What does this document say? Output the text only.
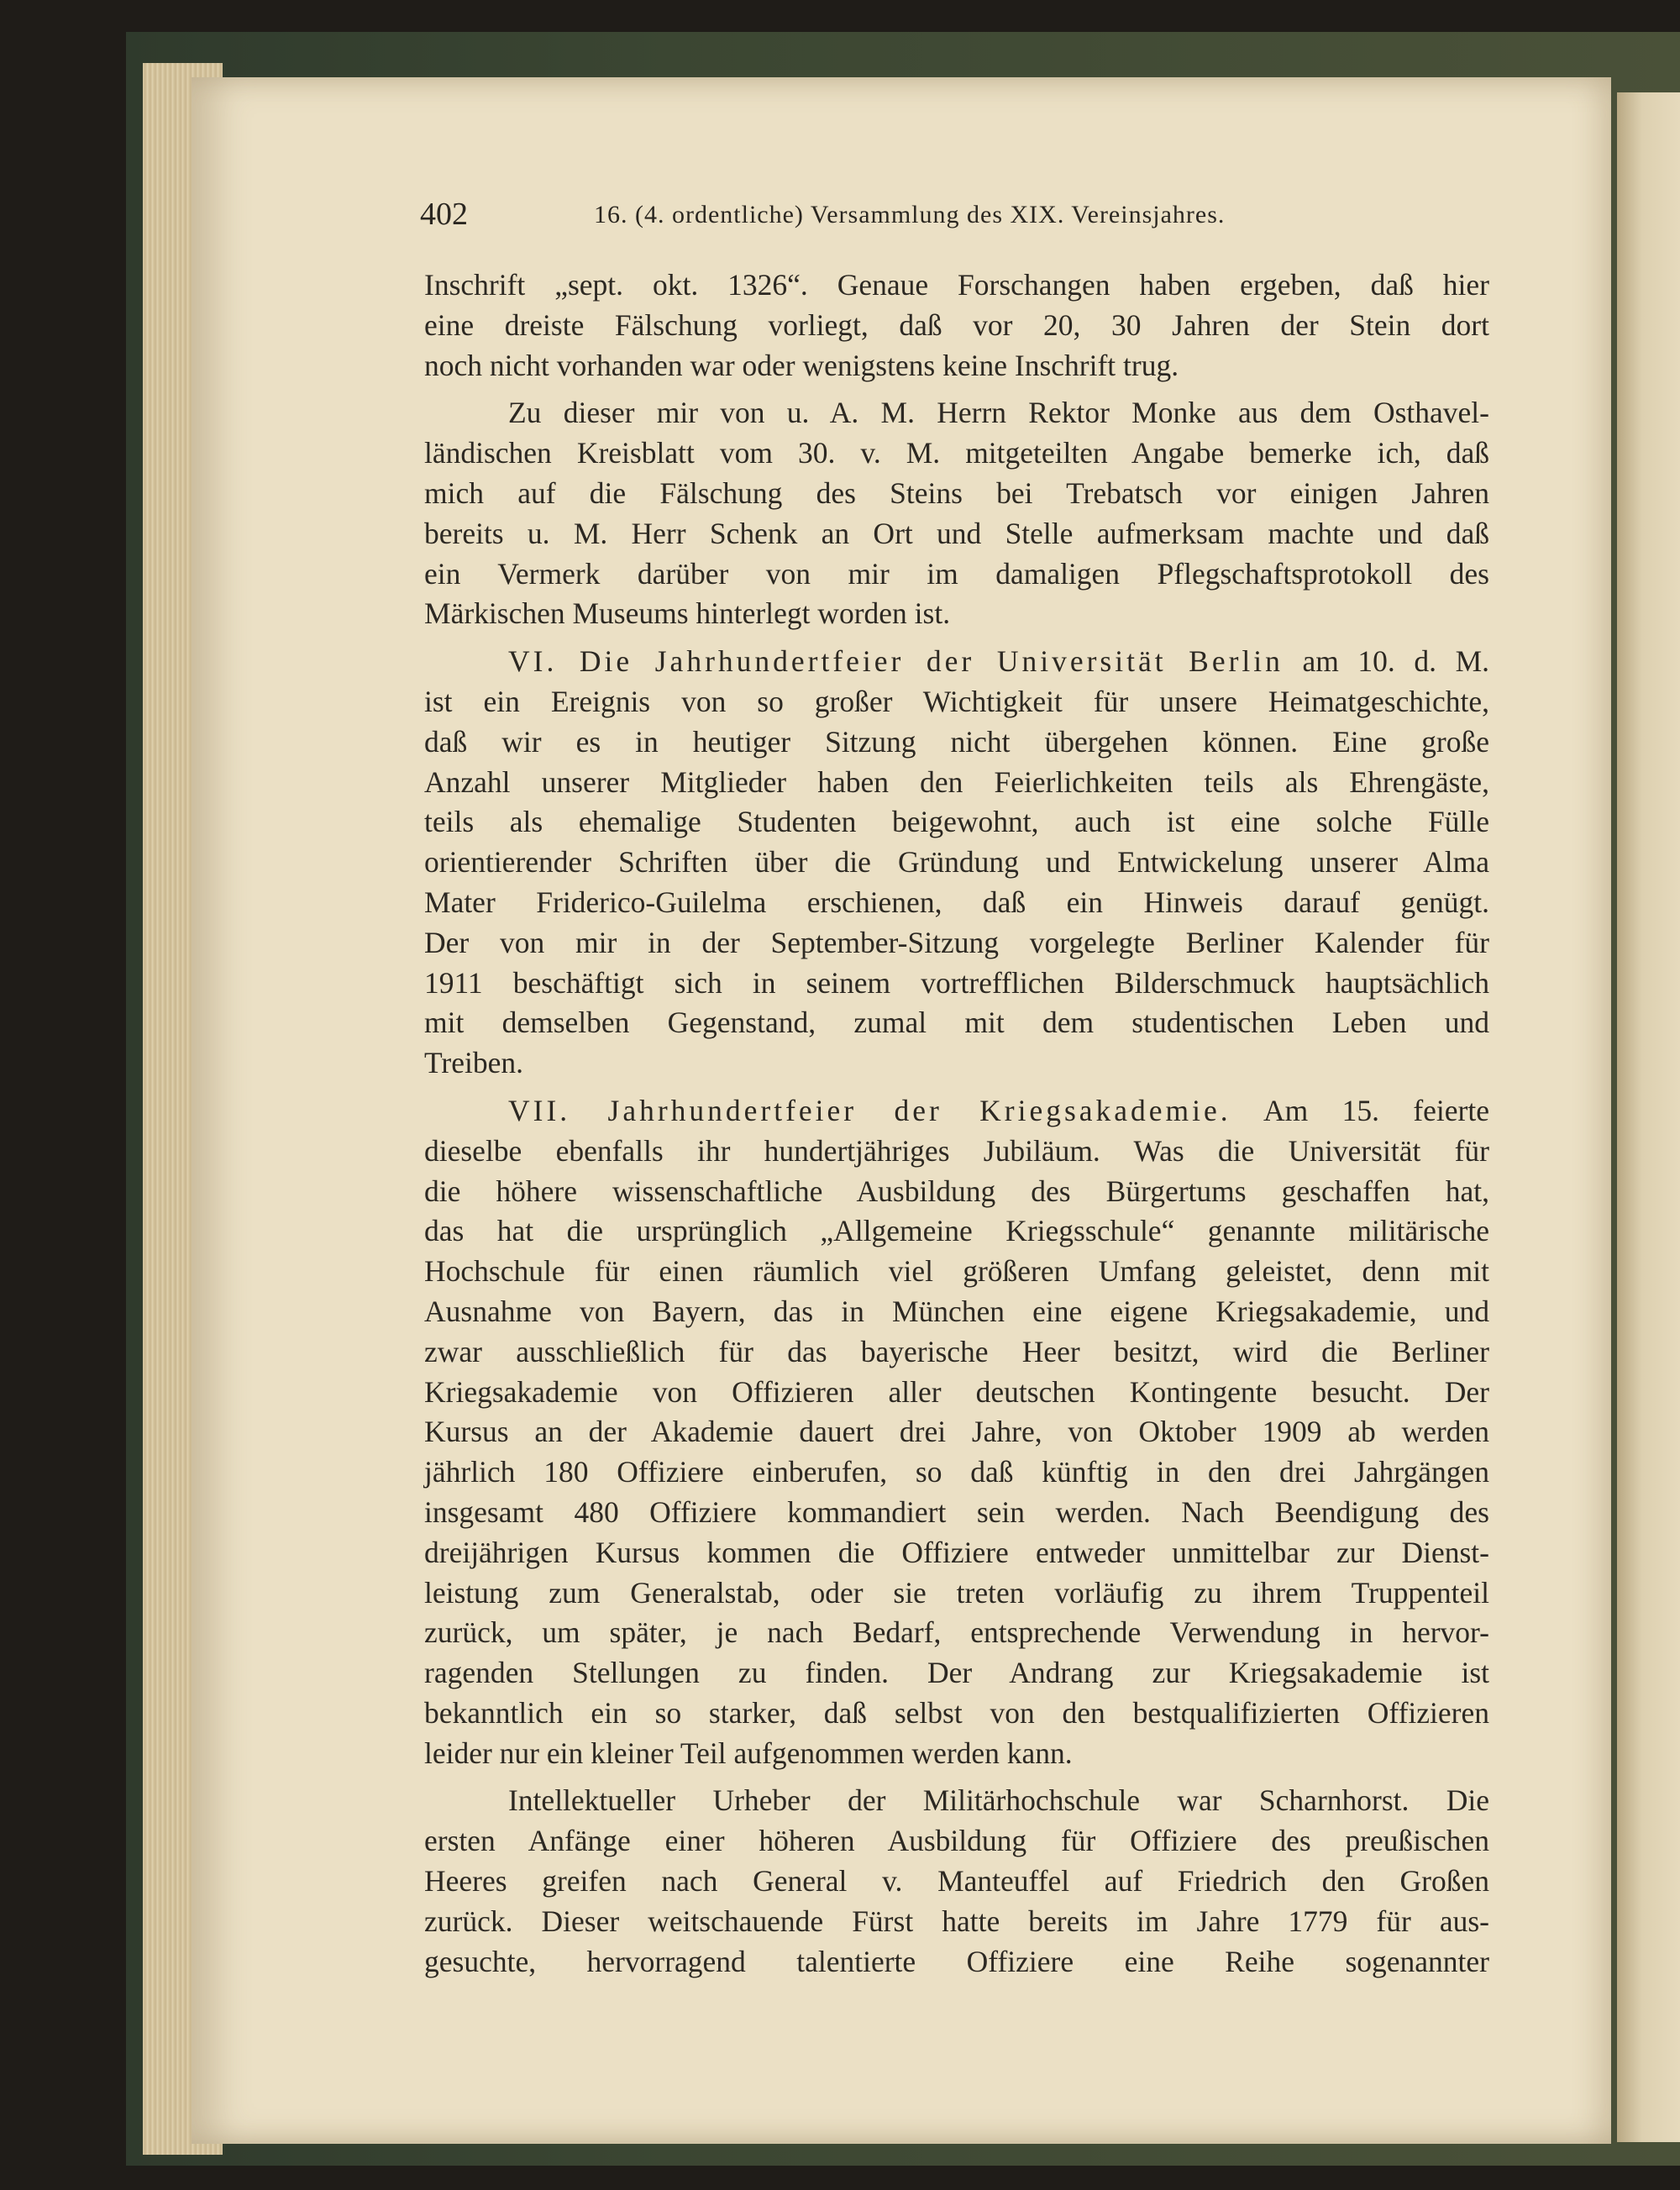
402	16. (4. ordentliche) Versammlung des XIX. Vereinsjahres.

Inschrift „sept. okt. 1326“. Genaue Forschangen haben ergeben, daß hier
eine dreiste Fälschung vorliegt, daß vor 20, 30 Jahren der Stein dort
noch nicht vorhanden war oder wenigstens keine Inschrift trug.

Zu dieser mir von u. A. M. Herrn Rektor Monke aus dem Osthavel-
ländischen Kreisblatt vom 30. v. M. mitgeteilten Angabe bemerke ich, daß
mich auf die Fälschung des Steins bei Trebatsch vor einigen Jahren
bereits u. M. Herr Schenk an Ort und Stelle aufmerksam machte und daß
ein Vermerk darüber von mir im damaligen Pflegschaftsprotokoll des
Märkischen Museums hinterlegt worden ist.

VI. Die Jahrhundertfeier der Universität Berlin am 10. d. M.
ist ein Ereignis von so großer Wichtigkeit für unsere Heimatgeschichte,
daß wir es in heutiger Sitzung nicht übergehen können. Eine große
Anzahl unserer Mitglieder haben den Feierlichkeiten teils als Ehrengäste,
teils als ehemalige Studenten beigewohnt, auch ist eine solche Fülle
orientierender Schriften über die Gründung und Entwickelung unserer Alma
Mater Friderico-Guilelma erschienen, daß ein Hinweis darauf genügt.
Der von mir in der September-Sitzung vorgelegte Berliner Kalender für
1911 beschäftigt sich in seinem vortrefflichen Bilderschmuck hauptsächlich
mit demselben Gegenstand, zumal mit dem studentischen Leben und
Treiben.

VII. Jahrhundertfeier der Kriegsakademie. Am 15. feierte
dieselbe ebenfalls ihr hundertjähriges Jubiläum. Was die Universität für
die höhere wissenschaftliche Ausbildung des Bürgertums geschaffen hat,
das hat die ursprünglich „Allgemeine Kriegsschule“ genannte militärische
Hochschule für einen räumlich viel größeren Umfang geleistet, denn mit
Ausnahme von Bayern, das in München eine eigene Kriegsakademie, und
zwar ausschließlich für das bayerische Heer besitzt, wird die Berliner
Kriegsakademie von Offizieren aller deutschen Kontingente besucht. Der
Kursus an der Akademie dauert drei Jahre, von Oktober 1909 ab werden
jährlich 180 Offiziere einberufen, so daß künftig in den drei Jahrgängen
insgesamt 480 Offiziere kommandiert sein werden. Nach Beendigung des
dreijährigen Kursus kommen die Offiziere entweder unmittelbar zur Dienst-
leistung zum Generalstab, oder sie treten vorläufig zu ihrem Truppenteil
zurück, um später, je nach Bedarf, entsprechende Verwendung in hervor-
ragenden Stellungen zu finden. Der Andrang zur Kriegsakademie ist
bekanntlich ein so starker, daß selbst von den bestqualifizierten Offizieren
leider nur ein kleiner Teil aufgenommen werden kann.

Intellektueller Urheber der Militärhochschule war Scharnhorst. Die
ersten Anfänge einer höheren Ausbildung für Offiziere des preußischen
Heeres greifen nach General v. Manteuffel auf Friedrich den Großen
zurück. Dieser weitschauende Fürst hatte bereits im Jahre 1779 für aus-
gesuchte, hervorragend talentierte Offiziere eine Reihe sogenannter
